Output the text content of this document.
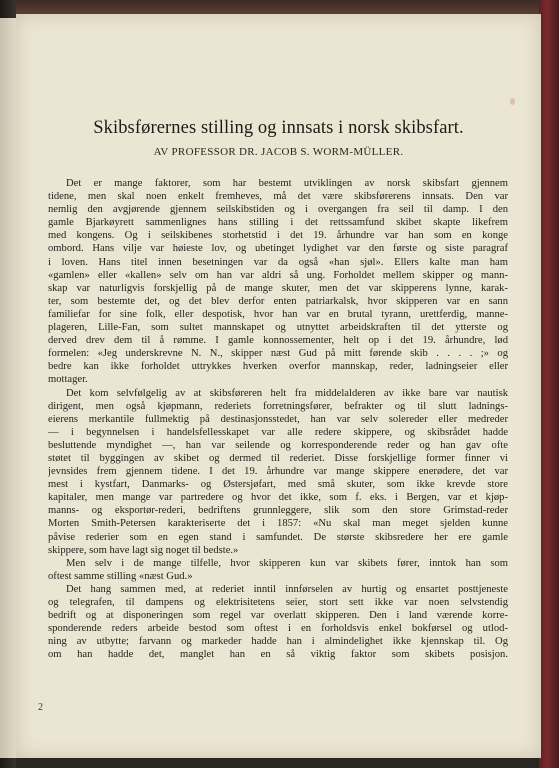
Skibsførernes stilling og innsats i norsk skibsfart.
AV PROFESSOR DR. JACOB S. WORM-MÜLLER.
Det er mange faktorer, som har bestemt utviklingen av norsk skibsfart gjennem
tidene, men skal noen enkelt fremheves, må det være skibsførerens innsats. Den var
nemlig den avgjørende gjennem seilskibstiden og i overgangen fra seil til damp. I den
gamle Bjarkøyrett sammenlignes hans stilling i det rettssamfund skibet skapte likefrem
med kongens. Og i seilskibenes storhetstid i det 19. århundre var han som en konge
ombord. Hans vilje var høieste lov, og ubetinget lydighet var den første og siste paragraf
i loven. Hans titel innen besetningen var da også «han sjøl». Ellers kalte man ham
«gamlen» eller «kallen» selv om han var aldri så ung. Forholdet mellem skipper og mann-
skap var naturligvis forskjellig på de mange skuter, men det var skipperens lynne, karak-
ter, som bestemte det, og det blev derfor enten patriarkalsk, hvor skipperen var en sann
familiefar for sine folk, eller despotisk, hvor han var en brutal tyrann, urettferdig, manne-
plageren, Lille-Fan, som sultet mannskapet og utnyttet arbeidskraften til det ytterste og
derved drev dem til å rømme. I gamle konnossementer, helt op i det 19. århundre, lød
formelen: «Jeg underskrevne N. N., skipper næst Gud på mitt førende skib . . . . ;» og
bedre kan ikke forholdet uttrykkes hverken overfor mannskap, reder, ladningseier eller
mottager.
Det kom selvfølgelig av at skibsføreren helt fra middelalderen av ikke bare var nautisk
dirigent, men også kjøpmann, rederiets forretningsfører, befrakter og til slutt ladnings-
eierens merkantile fullmektig på destinasjonsstedet, han var selv solereder eller medreder
— i begynnelsen i handelsfellesskapet var alle redere skippere, og skibsrådet hadde
besluttende myndighet —, han var seilende og korresponderende reder og han gav ofte
støtet til byggingen av skibet og dermed til rederiet. Disse forskjellige former finner vi
jevnsides frem gjennem tidene. I det 19. århundre var mange skippere enerødere, det var
mest i kystfart, Danmarks- og Østersjøfart, med små skuter, som ikke krevde store
kapitaler, men mange var partredere og hvor det ikke, som f. eks. i Bergen, var et kjøp-
manns- og eksportør-rederi, bedriftens grunnleggere, slik som den store Grimstad-reder
Morten Smith-Petersen karakteriserte det i 1857: «Nu skal man meget sjelden kunne
påvise rederier som en egen stand i samfundet. De største skibsredere her ere gamle
skippere, som have lagt sig noget til bedste.»
Men selv i de mange tilfelle, hvor skipperen kun var skibets fører, inntok han som
oftest samme stilling «næst Gud.»
Det hang sammen med, at rederiet inntil innførselen av hurtig og ensartet posttjeneste
og telegrafen, til dampens og elektrisitetens seier, stort sett ikke var noen selvstendig
bedrift og at disponeringen som regel var overlatt skipperen. Den i land værende korre-
sponderende reders arbeide bestod som oftest i en forholdsvis enkel bokførsel og utlod-
ning av utbytte; farvann og markeder hadde han i almindelighet ikke kjennskap til. Og
om han hadde det, manglet han en så viktig faktor som skibets posisjon.
2
